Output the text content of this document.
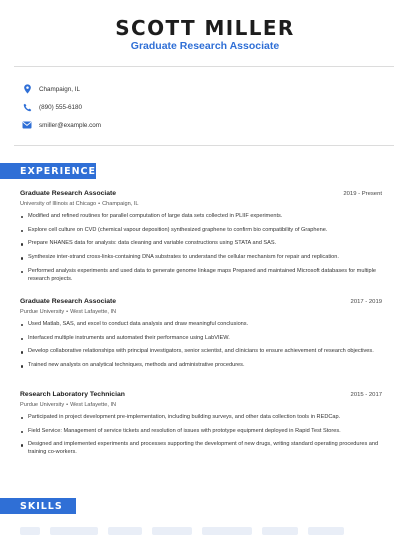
SCOTT MILLER
Graduate Research Associate
Champaign, IL
(890) 555-6180
smiller@example.com
EXPERIENCE
Graduate Research Associate	2019 - Present
University of Illinois at Chicago • Champaign, IL
Modified and refined routines for parallel computation of large data sets collected in PLIIF experiments.
Explore cell culture on CVD (chemical vapour deposition) synthesized graphene to confirm bio compatibility of Graphene.
Prepare NHANES data for analysis: data cleaning and variable constructions using STATA and SAS.
Synthesize inter-strand cross-links-containing DNA substrates to understand the cellular mechanism for repair and replication.
Performed analysis experiments and used data to generate genome linkage maps Prepared and maintained Microsoft databases for multiple research projects.
Graduate Research Associate	2017 - 2019
Purdue University • West Lafayette, IN
Used Matlab, SAS, and excel to conduct data analysis and draw meaningful conclusions.
Interfaced multiple instruments and automated their performance using LabVIEW.
Develop collaborative relationships with principal investigators, senior scientist, and clinicians to ensure achievement of research objectives.
Trained new analysts on analytical techniques, methods and administrative procedures.
Research Laboratory Technician	2015 - 2017
Purdue University • West Lafayette, IN
Participated in project development pre-implementation, including building surveys, and other data collection tools in REDCap.
Field Service: Management of service tickets and resolution of issues with prototype equipment deployed in Rapid Test Stores.
Designed and implemented experiments and processes supporting the development of new drugs, writing standard operating procedures and training co-workers.
SKILLS
